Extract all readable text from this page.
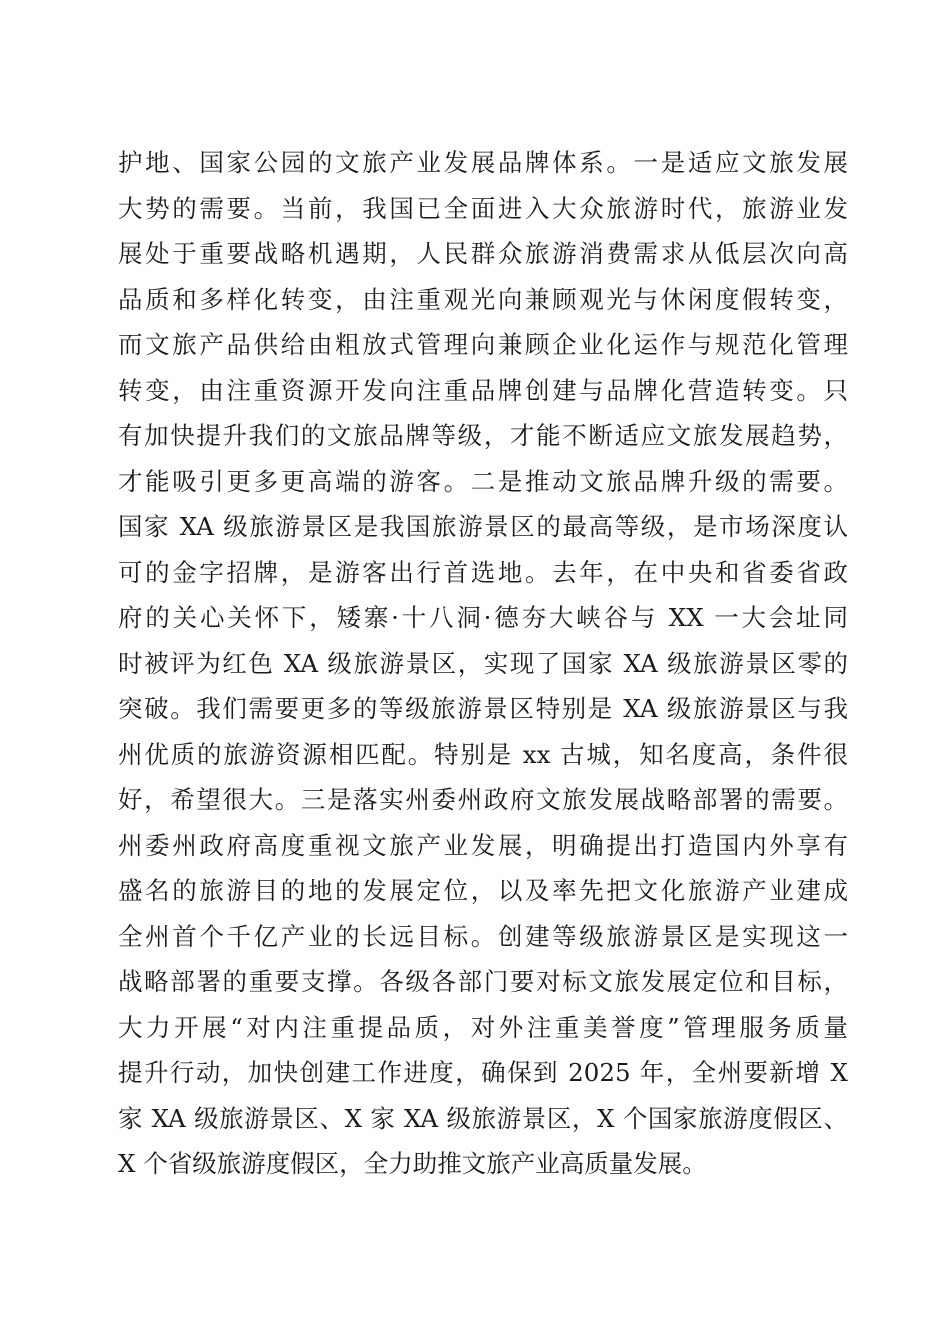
护地、国家公园的文旅产业发展品牌体系。一是适应文旅发展
大势的需要。当前，我国已全面进入大众旅游时代，旅游业发
展处于重要战略机遇期，人民群众旅游消费需求从低层次向高
品质和多样化转变，由注重观光向兼顾观光与休闲度假转变，
而文旅产品供给由粗放式管理向兼顾企业化运作与规范化管理
转变，由注重资源开发向注重品牌创建与品牌化营造转变。只
有加快提升我们的文旅品牌等级，才能不断适应文旅发展趋势，
才能吸引更多更高端的游客。二是推动文旅品牌升级的需要。
国家 XA 级旅游景区是我国旅游景区的最高等级，是市场深度认
可的金字招牌，是游客出行首选地。去年，在中央和省委省政
府的关心关怀下，矮寨·十八洞·德夯大峡谷与 XX 一大会址同
时被评为红色 XA 级旅游景区，实现了国家 XA 级旅游景区零的
突破。我们需要更多的等级旅游景区特别是 XA 级旅游景区与我
州优质的旅游资源相匹配。特别是 xx 古城，知名度高，条件很
好，希望很大。三是落实州委州政府文旅发展战略部署的需要。
州委州政府高度重视文旅产业发展，明确提出打造国内外享有
盛名的旅游目的地的发展定位，以及率先把文化旅游产业建成
全州首个千亿产业的长远目标。创建等级旅游景区是实现这一
战略部署的重要支撑。各级各部门要对标文旅发展定位和目标，
大力开展“对内注重提品质，对外注重美誉度”管理服务质量
提升行动，加快创建工作进度，确保到 2025 年，全州要新增 X
家 XA 级旅游景区、X 家 XA 级旅游景区，X 个国家旅游度假区、
X 个省级旅游度假区，全力助推文旅产业高质量发展。
